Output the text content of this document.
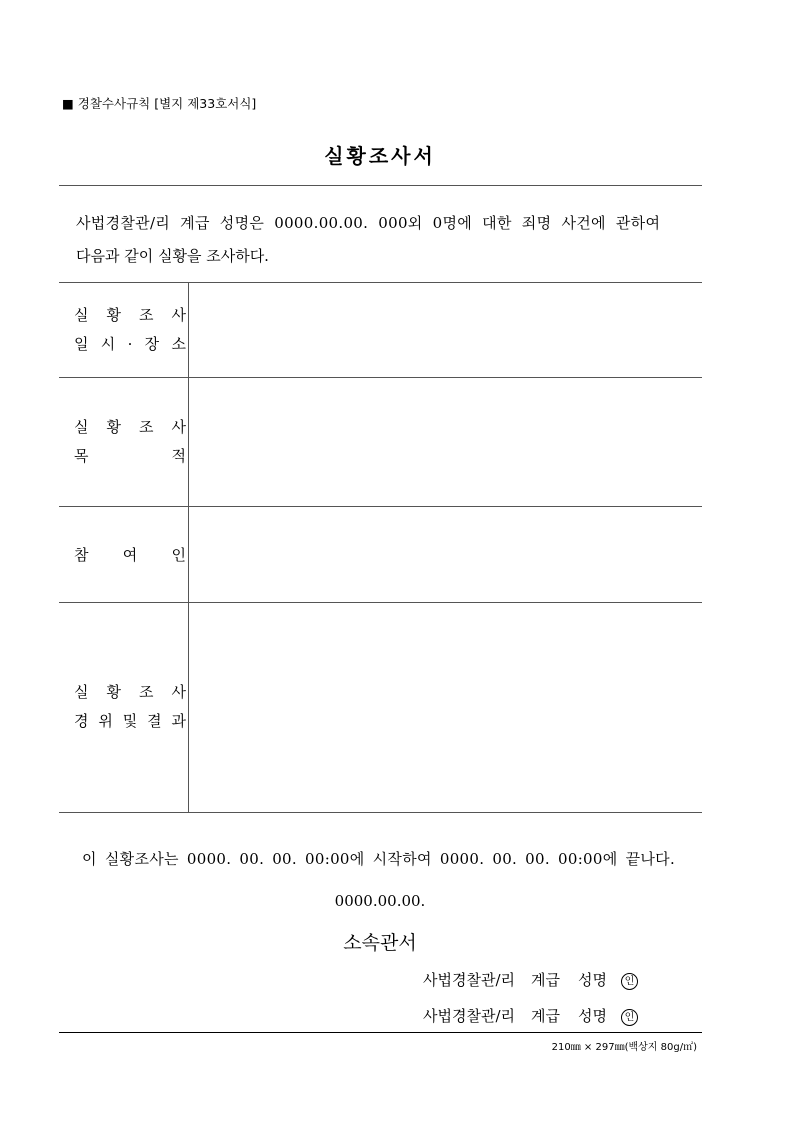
■ 경찰수사규칙 [별지 제33호서식]
실황조사서
사법경찰관/리 계급 성명은 0000.00.00. 000외 0명에 대한 죄명 사건에 관하여
다음과 같이 실황을 조사하다.
실 황 조 사
일 시 · 장 소
실 황 조 사
목	적
참 여 인
실 황 조 사
경 위 및 결 과
이 실황조사는 0000. 00. 00. 00:00에 시작하여 0000. 00. 00. 00:00에 끝나다.
0000.00.00.
소속관서
사법경찰관/리 계급 성명 인
사법경찰관/리 계급 성명 인
210㎜ × 297㎜(백상지 80g/㎡)
